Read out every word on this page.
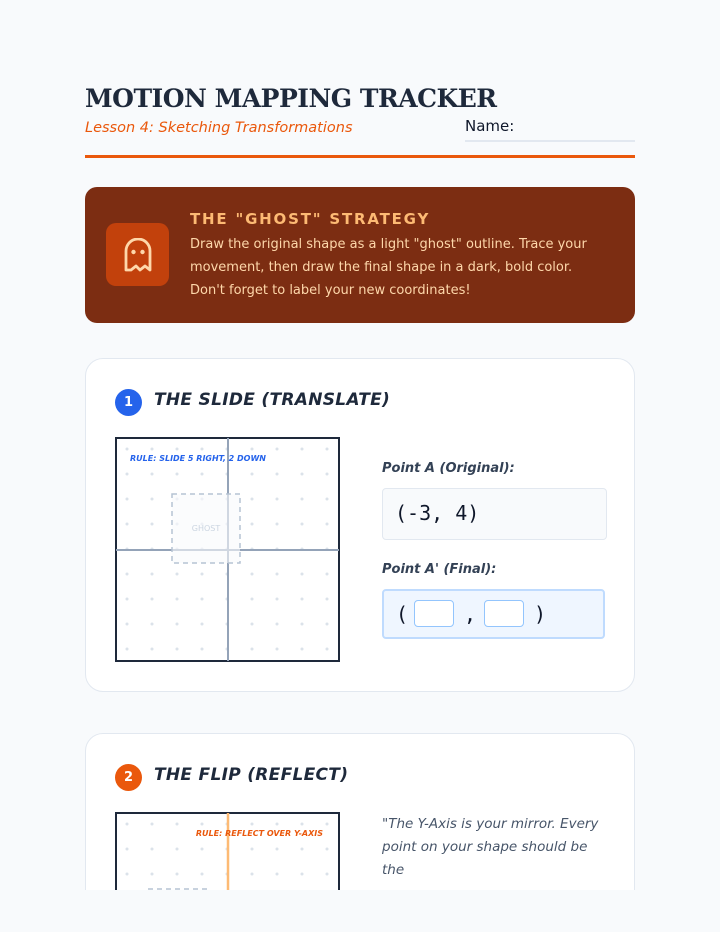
MOTION MAPPING TRACKER
Lesson 4: Sketching Transformations	Name:
THE "GHOST" STRATEGY
Draw the original shape as a light "ghost" outline. Trace your movement, then draw the final shape in a dark, bold color. Don't forget to label your new coordinates!
1	THE SLIDE (TRANSLATE)
GHOST
RULE: SLIDE 5 RIGHT, 2 DOWN
Point A (Original):
(-3, 4)
Point A' (Final):
(	,	)
2	THE FLIP (REFLECT)
RULE: REFLECT OVER Y-AXIS
"The Y-Axis is your mirror. Every point on your shape should be the
